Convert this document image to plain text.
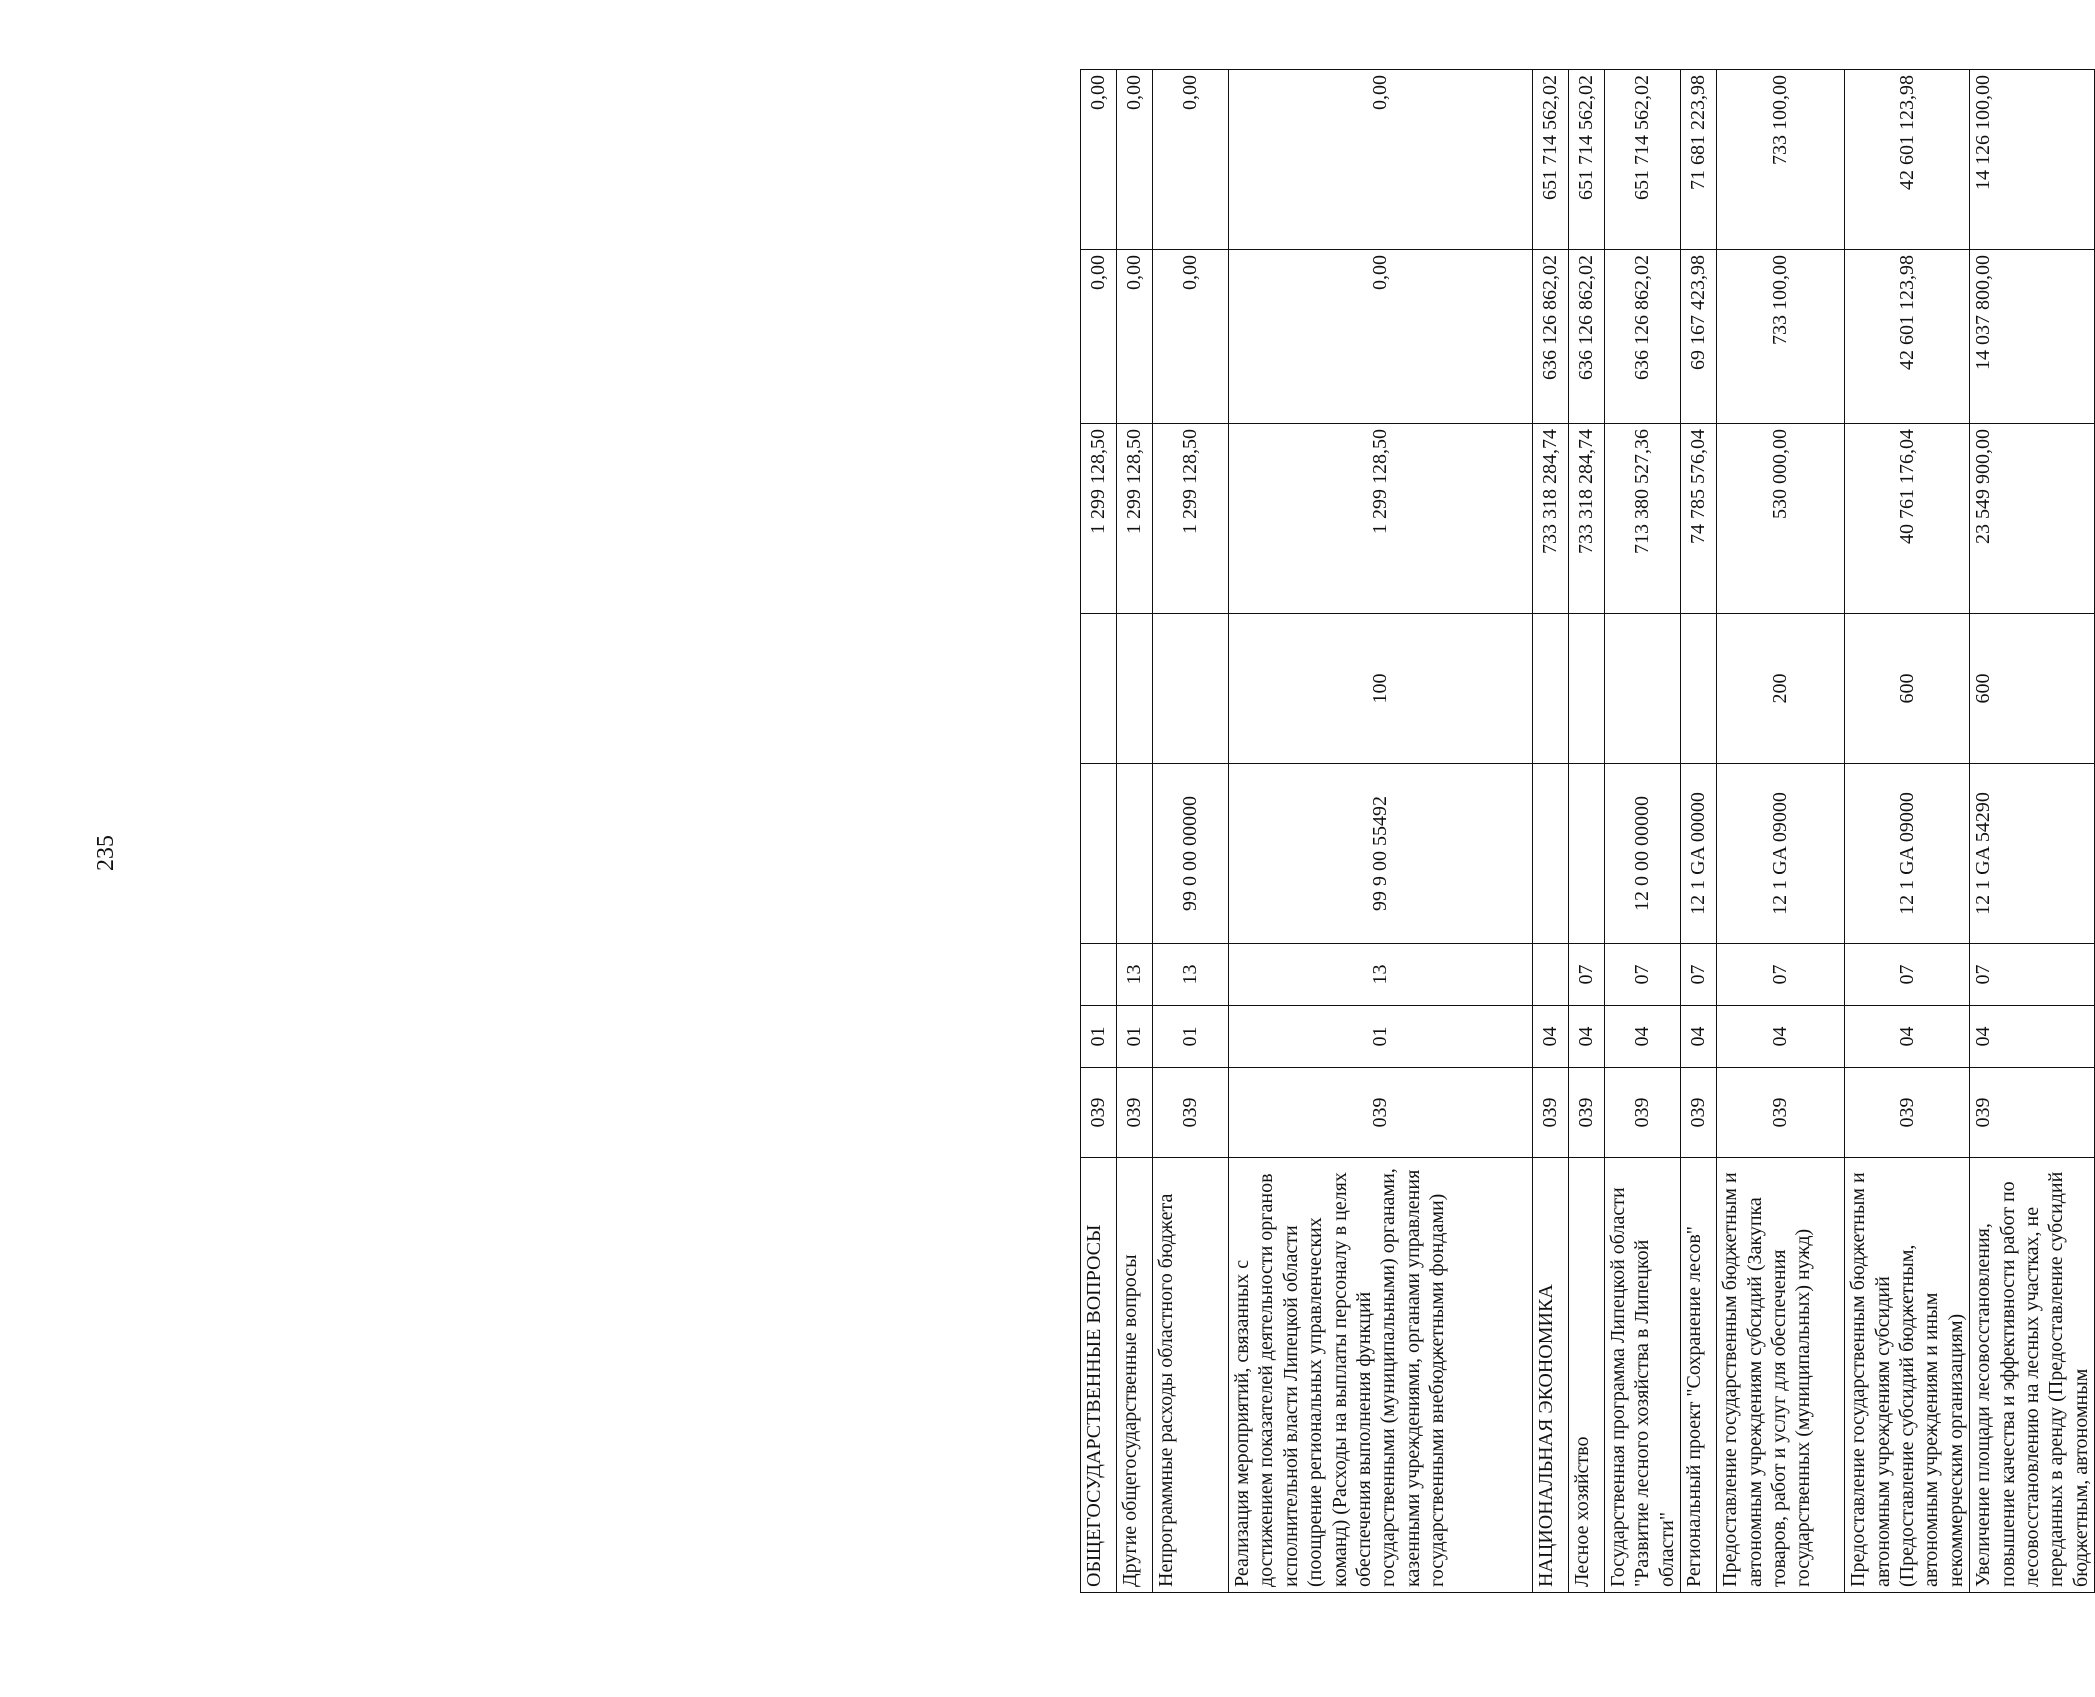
235
ОБЩЕГОСУДАРСТВЕННЫЕ ВОПРОСЫ	039	01				1 299 128,50	0,00	0,00
Другие общегосударственные вопросы	039	01	13			1 299 128,50	0,00	0,00
Непрограммные расходы областного бюджета	039	01	13	99 0 00 00000		1 299 128,50	0,00	0,00
Реализация мероприятий, связанных с достижением показателей деятельности органов исполнительной власти Липецкой области (поощрение региональных управленческих команд) (Расходы на выплаты персоналу в целях обеспечения выполнения функций государственными (муниципальными) органами, казенными учреждениями, органами управления государственными внебюджетными фондами)	039	01	13	99 9 00 55492	100	1 299 128,50	0,00	0,00
НАЦИОНАЛЬНАЯ ЭКОНОМИКА	039	04				733 318 284,74	636 126 862,02	651 714 562,02
Лесное хозяйство	039	04	07			733 318 284,74	636 126 862,02	651 714 562,02
Государственная программа Липецкой области "Развитие лесного хозяйства в Липецкой области"	039	04	07	12 0 00 00000		713 380 527,36	636 126 862,02	651 714 562,02
Региональный проект "Сохранение лесов"	039	04	07	12 1 GA 00000		74 785 576,04	69 167 423,98	71 681 223,98
Предоставление государственным бюджетным и автономным учреждениям субсидий (Закупка товаров, работ и услуг для обеспечения государственных (муниципальных) нужд)	039	04	07	12 1 GA 09000	200	530 000,00	733 100,00	733 100,00
Предоставление государственным бюджетным и автономным учреждениям субсидий (Предоставление субсидий бюджетным, автономным учреждениям и иным некоммерческим организациям)	039	04	07	12 1 GA 09000	600	40 761 176,04	42 601 123,98	42 601 123,98
Увеличение площади лесовосстановления, повышение качества и эффективности работ по лесовосстановлению на лесных участках, не переданных в аренду (Предоставление субсидий бюджетным, автономным	039	04	07	12 1 GA 54290	600	23 549 900,00	14 037 800,00	14 126 100,00
